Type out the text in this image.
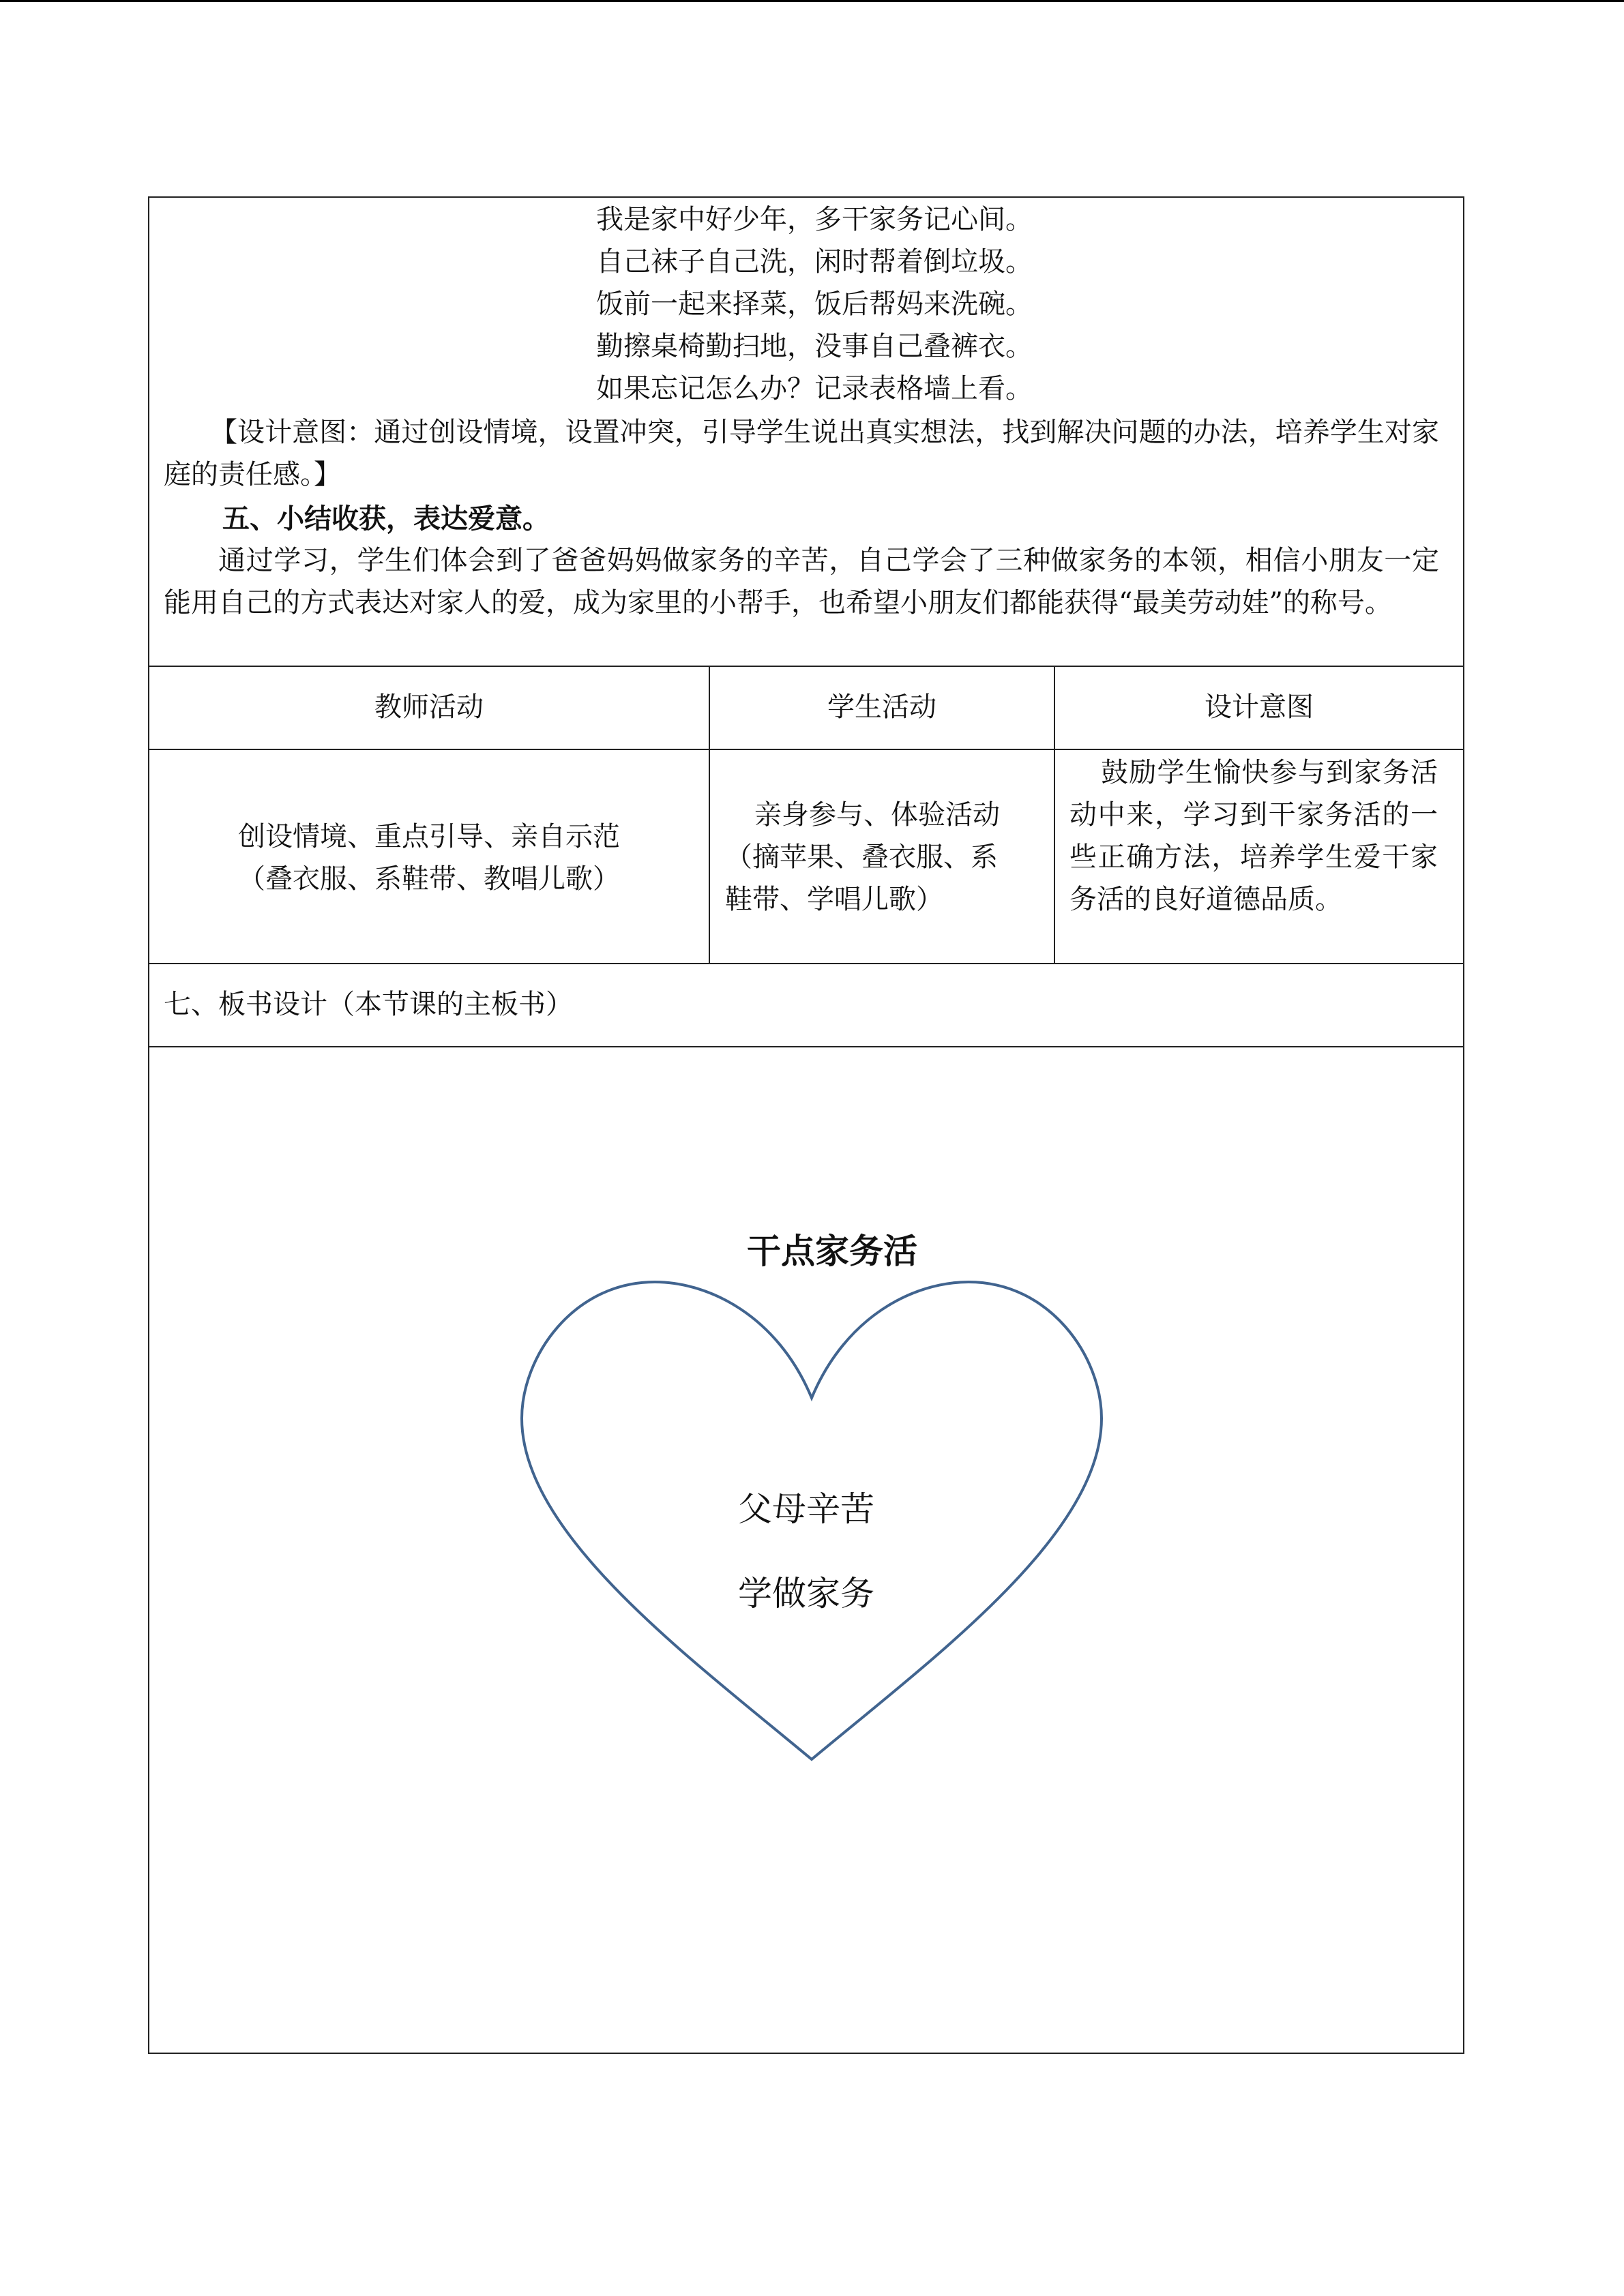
我是家中好少年，多干家务记心间。
自己袜子自己洗，闲时帮着倒垃圾。
饭前一起来择菜，饭后帮妈来洗碗。
勤擦桌椅勤扫地，没事自己叠裤衣。
如果忘记怎么办？记录表格墙上看。
【设计意图：通过创设情境，设置冲突，引导学生说出真实想法，找到解决问题的办法，培养学生对家庭的责任感。】
五、小结收获，表达爱意。
通过学习，学生们体会到了爸爸妈妈做家务的辛苦，自己学会了三种做家务的本领，相信小朋友一定能用自己的方式表达对家人的爱，成为家里的小帮手，也希望小朋友们都能获得“最美劳动娃”的称号。
教师活动	学生活动	设计意图
创设情境、重点引导、亲自示范
（叠衣服、系鞋带、教唱儿歌）
亲身参与、体验活动
（摘苹果、叠衣服、系
鞋带、学唱儿歌）
鼓励学生愉快参与到家务活动中来，学习到干家务活的一些正确方法，培养学生爱干家务活的良好道德品质。
七、板书设计（本节课的主板书）
干点家务活
父母辛苦
学做家务
